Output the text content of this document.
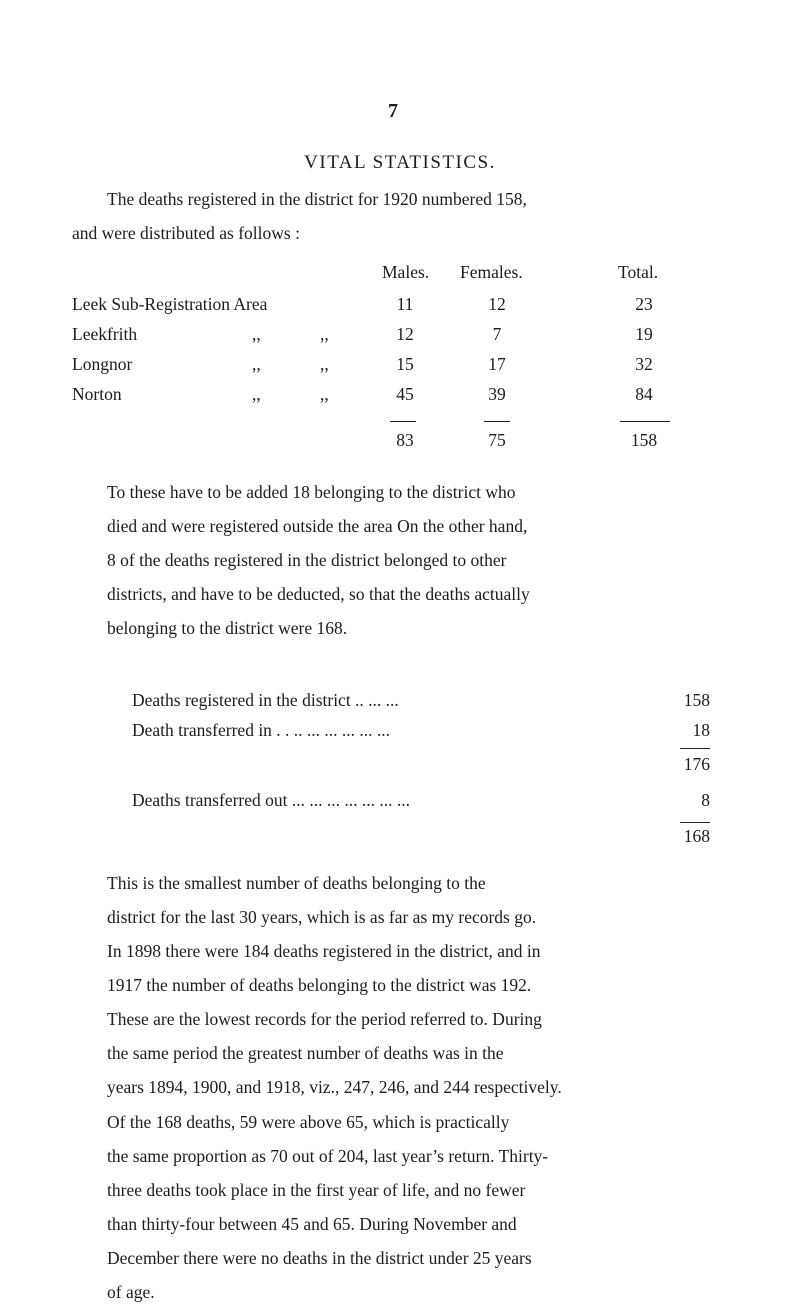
7
VITAL STATISTICS.
The deaths registered in the district for 1920 numbered 158,
and were distributed as follows :
Males. Females.	Total.
Leek Sub-Registration Area	11	12	23
Leekfrith	,,	,,	12	7	19
Longnor	,,	,,	15	17	32
Norton	,,	,,	45	39	84
83	75	158
To these have to be added 18 belonging to the district who
died and were registered outside the area On the other hand,
8 of the deaths registered in the district belonged to other
districts, and have to be deducted, so that the deaths actually
belonging to the district were 168.
Deaths registered in the district .. ... ...	158
Death transferred in . . .. ... ... ... ... ...	18
176
Deaths transferred out ... ... ... ... ... ... ...	8
168
This is the smallest number of deaths belonging to the
district for the last 30 years, which is as far as my records go.
In 1898 there were 184 deaths registered in the district, and in
1917 the number of deaths belonging to the district was 192.
These are the lowest records for the period referred to. During
the same period the greatest number of deaths was in the
years 1894, 1900, and 1918, viz., 247, 246, and 244 respectively.
Of the 168 deaths, 59 were above 65, which is practically
the same proportion as 70 out of 204, last year’s return. Thirty-
three deaths took place in the first year of life, and no fewer
than thirty-four between 45 and 65. During November and
December there were no deaths in the district under 25 years
of age.
